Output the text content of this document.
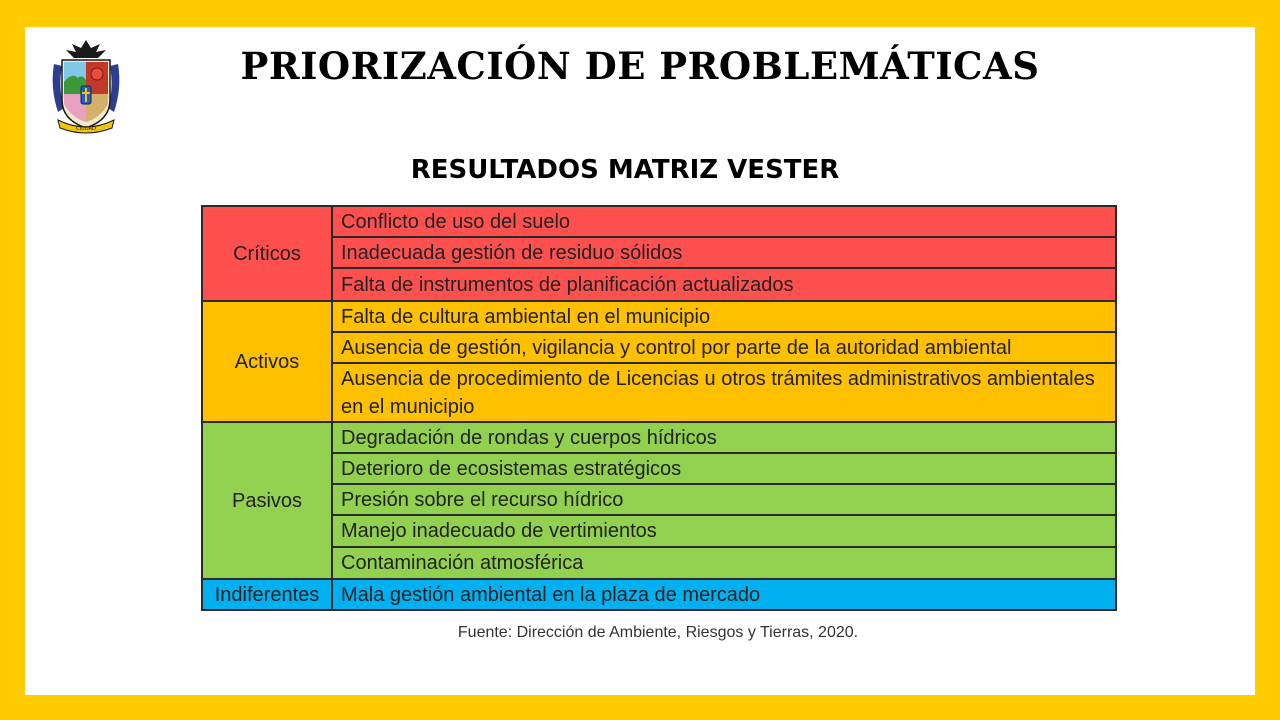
CIUDAD
PRIORIZACIÓN DE PROBLEMÁTICAS
RESULTADOS MATRIZ VESTER
Críticos	Conflicto de uso del suelo
	Inadecuada gestión de residuo sólidos
	Falta de instrumentos de planificación actualizados
Activos	Falta de cultura ambiental en el municipio
	Ausencia de gestión, vigilancia y control por parte de la autoridad ambiental
	Ausencia de procedimiento de Licencias u otros trámites administrativos ambientales en el municipio
Pasivos	Degradación de rondas y cuerpos hídricos
	Deterioro de ecosistemas estratégicos
	Presión sobre el recurso hídrico
	Manejo inadecuado de vertimientos
	Contaminación atmosférica
Indiferentes	Mala gestión ambiental en la plaza de mercado
Fuente: Dirección de Ambiente, Riesgos y Tierras, 2020.
